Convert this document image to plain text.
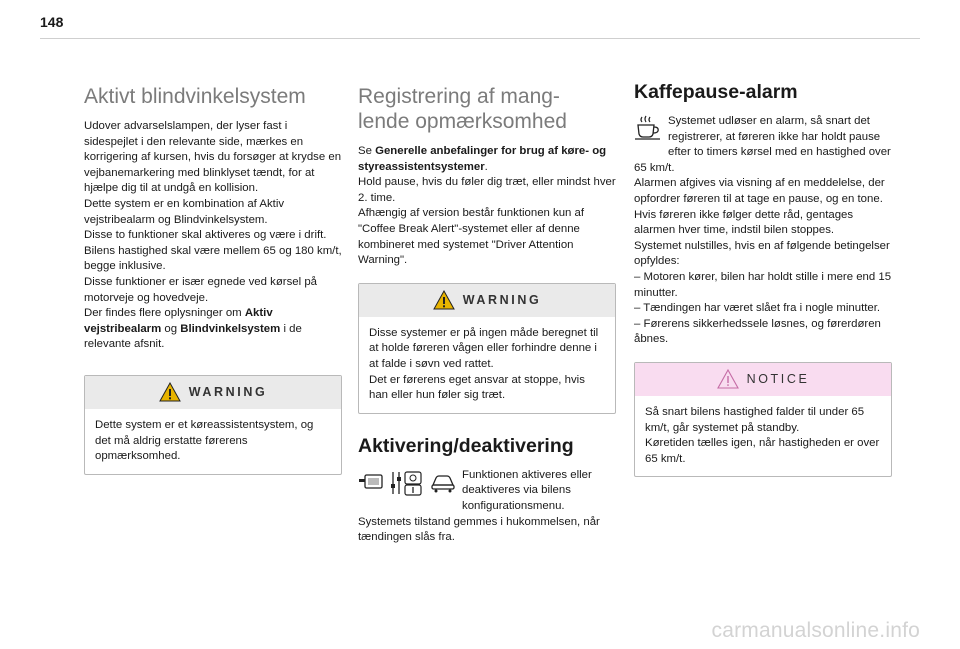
148
Aktivt blindvinkelsystem

Udover advarselslampen, der lyser fast i sidespejlet i den relevante side, mærkes en korrigering af kursen, hvis du forsøger at krydse en vejbanemarkering med blinklyset tændt, for at hjælpe dig til at undgå en kollision.

Dette system er en kombination af Aktiv vejstribealarm og Blindvinkelsystem.

Disse to funktioner skal aktiveres og være i drift.

Bilens hastighed skal være mellem 65 og 180 km/t, begge inklusive.

Disse funktioner er især egnede ved kørsel på motorveje og hovedveje.

Der findes flere oplysninger om Aktiv vejstribealarm og Blindvinkelsystem i de relevante afsnit.

WARNING

Dette system er et køreassistentsystem, og det må aldrig erstatte førerens opmærksomhed.

Registrering af mang-
lende opmærksomhed

Se Generelle anbefalinger for brug af køre- og styreassistentsystemer.

Hold pause, hvis du føler dig træt, eller mindst hver 2. time.

Afhængig af version består funktionen kun af "Coffee Break Alert"-systemet eller af denne kombineret med systemet "Driver Attention Warning".

WARNING

Disse systemer er på ingen måde beregnet til at holde føreren vågen eller forhindre denne i at falde i søvn ved rattet.

Det er førerens eget ansvar at stoppe, hvis han eller hun føler sig træt.

Aktivering/deaktivering

Funktionen aktiveres eller deaktiveres via bilens konfigurationsmenu.

Systemets tilstand gemmes i hukommelsen, når tændingen slås fra.

Kaffepause-alarm

Systemet udløser en alarm, så snart det registrerer, at føreren ikke har holdt pause efter to timers kørsel med en hastighed over 65 km/t.

Alarmen afgives via visning af en meddelelse, der opfordrer føreren til at tage en pause, og en tone.

Hvis føreren ikke følger dette råd, gentages alarmen hver time, indstil bilen stoppes.

Systemet nulstilles, hvis en af følgende betingelser opfyldes:

– Motoren kører, bilen har holdt stille i mere end 15 minutter.

– Tændingen har været slået fra i nogle minutter.

– Førerens sikkerhedssele løsnes, og førerdøren åbnes.

NOTICE

Så snart bilens hastighed falder til under 65 km/t, går systemet på standby.

Køretiden tælles igen, når hastigheden er over 65 km/t.

carmanualsonline.info
